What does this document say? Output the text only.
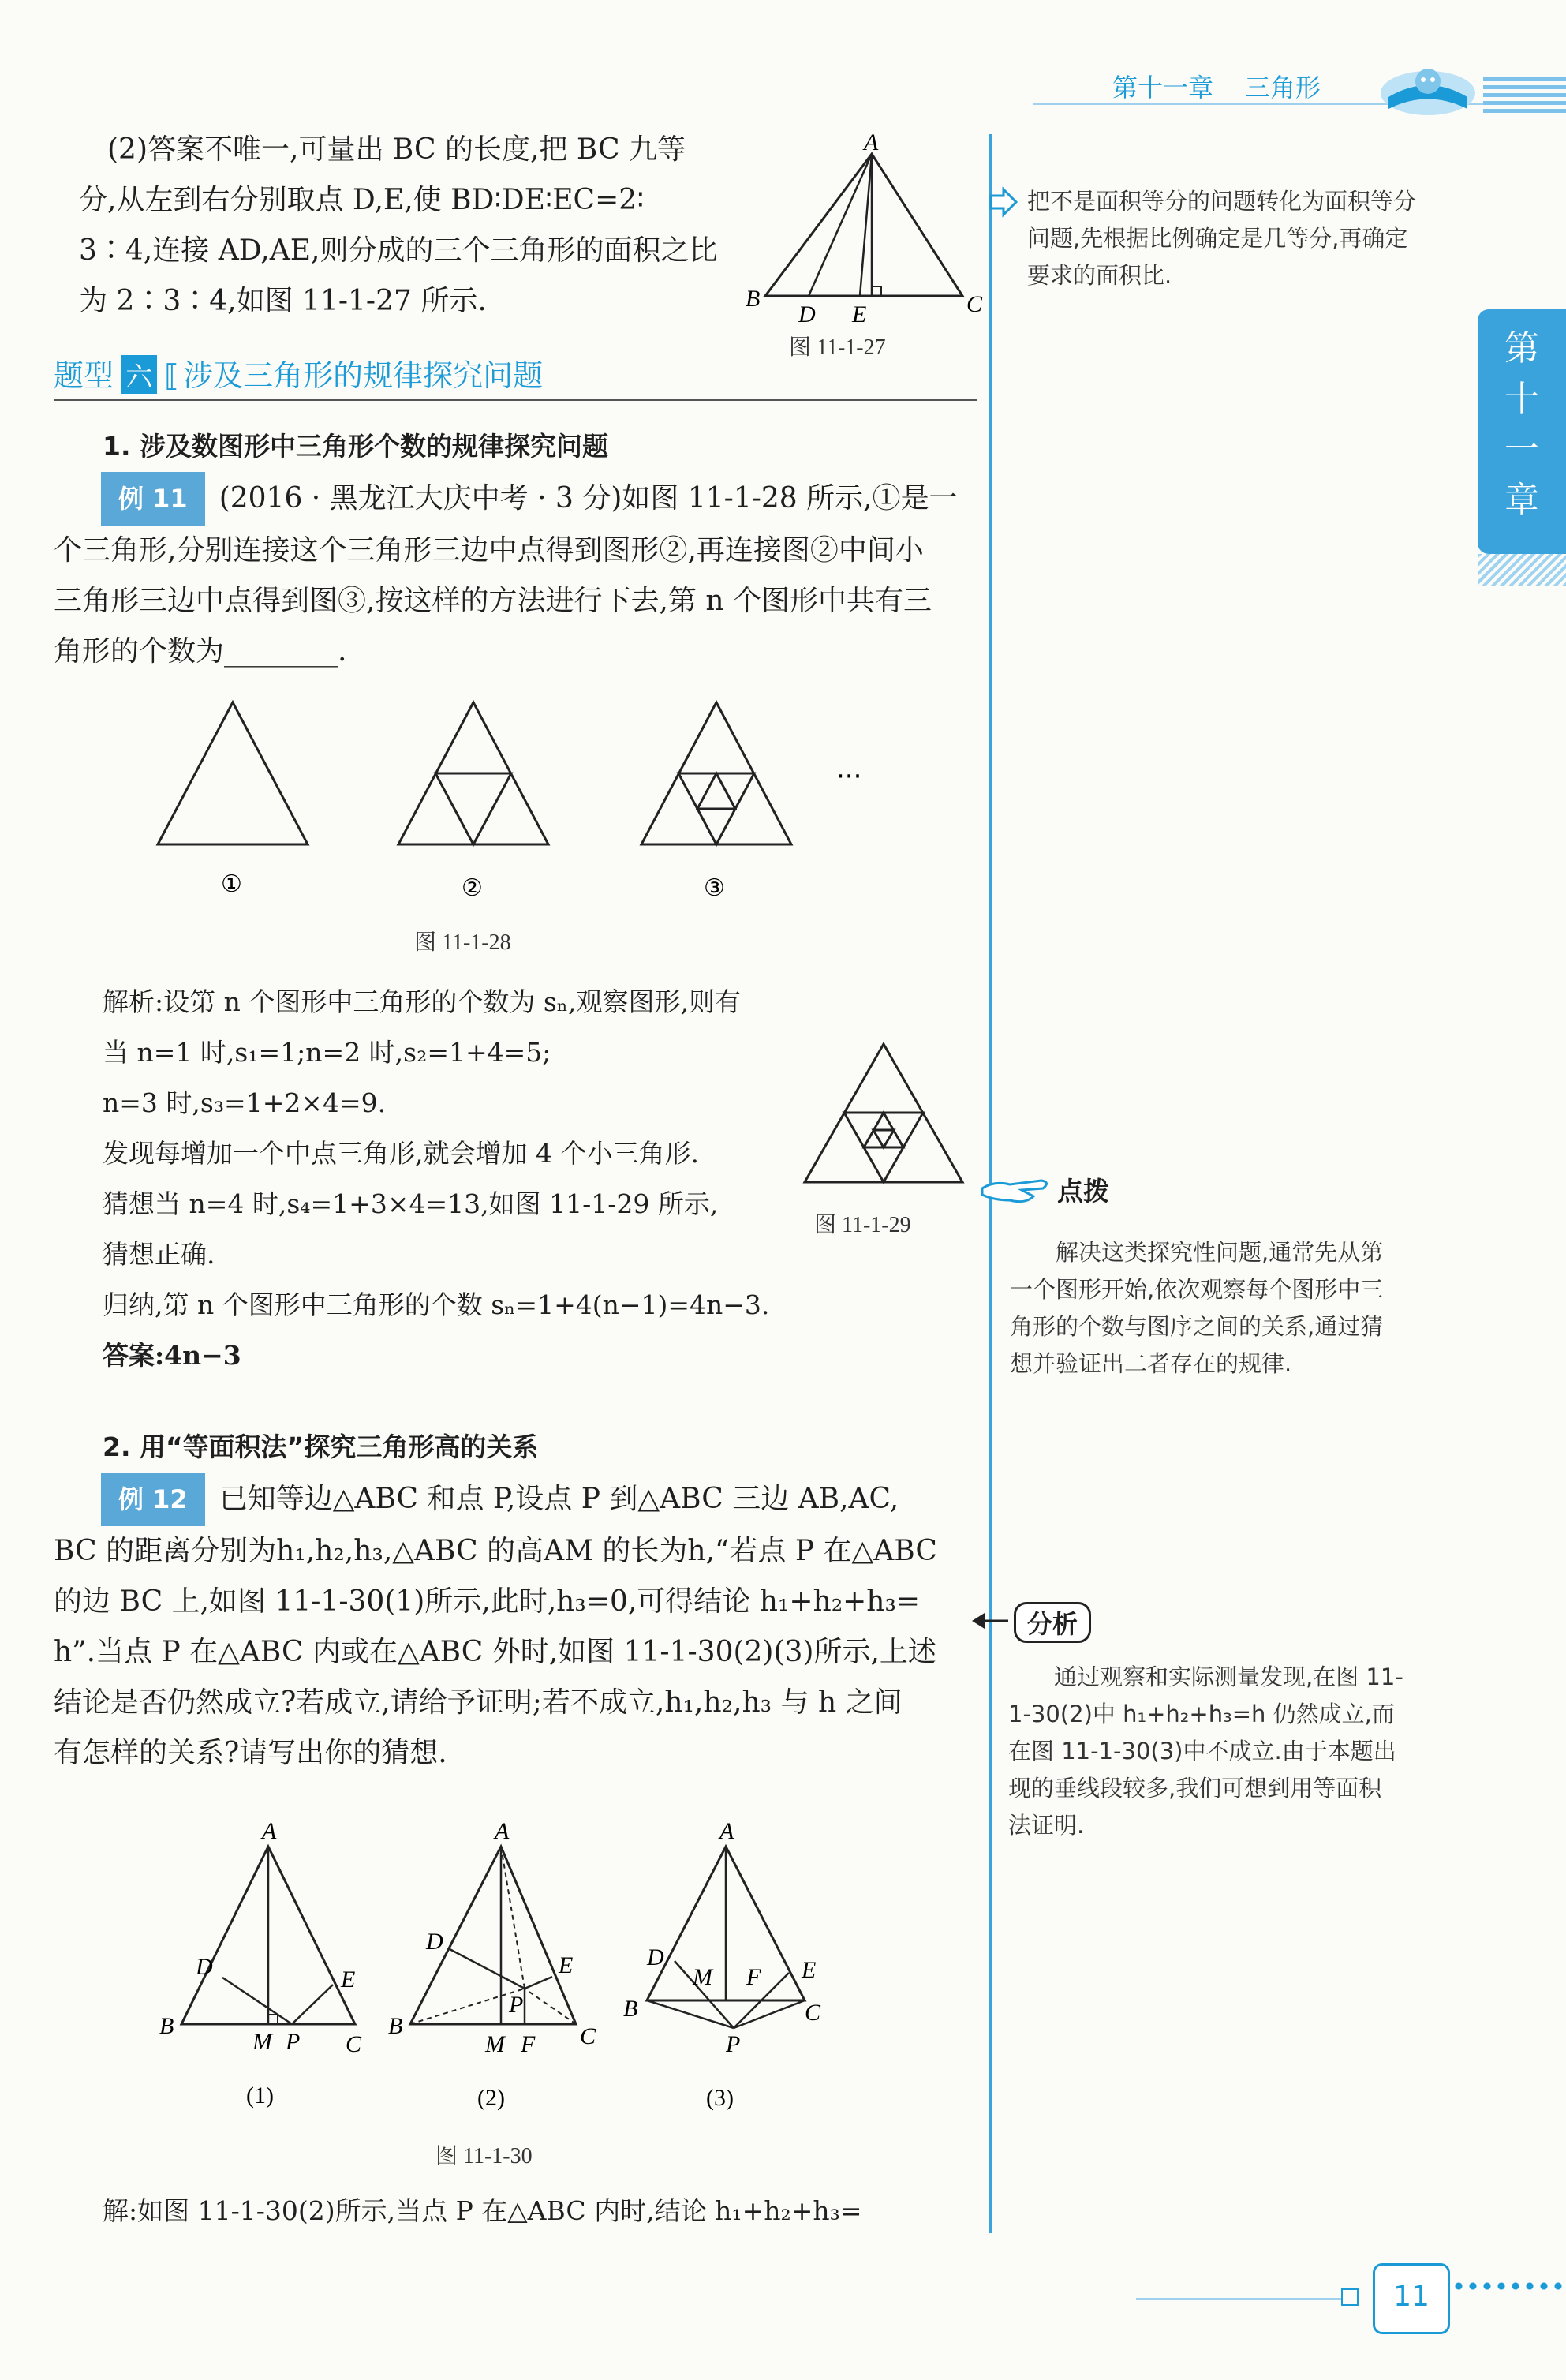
第十一章 三角形
第
十
一
章
(2)答案不唯一,可量出 BC 的长度,把 BC 九等
分,从左到右分别取点 D,E,使 BD∶DE∶EC=2∶
3∶4,连接 AD,AE,则分成的三个三角形的面积之比
为 2∶3∶4,如图 11-1-27 所示.
A
B	C
D E
图 11-1-27
题型 六 ⟦ 涉及三角形的规律探究问题
1. 涉及数图形中三角形个数的规律探究问题
例 11 (2016 · 黑龙江大庆中考 · 3 分)如图 11-1-28 所示,①是一
个三角形,分别连接这个三角形三边中点得到图形②,再连接图②中间小
三角形三边中点得到图③,按这样的方法进行下去,第 n 个图形中共有三
角形的个数为________.
···
①	②	③
图 11-1-28
解析:设第 n 个图形中三角形的个数为 sₙ,观察图形,则有
当 n=1 时,s₁=1;n=2 时,s₂=1+4=5;
n=3 时,s₃=1+2×4=9.
发现每增加一个中点三角形,就会增加 4 个小三角形.
猜想当 n=4 时,s₄=1+3×4=13,如图 11-1-29 所示,
猜想正确.
归纳,第 n 个图形中三角形的个数 sₙ=1+4(n−1)=4n−3.
答案:4n−3
图 11-1-29
2. 用“等面积法”探究三角形高的关系
例 12 已知等边△ABC 和点 P,设点 P 到△ABC 三边 AB,AC,
BC 的距离分别为h₁,h₂,h₃,△ABC 的高AM 的长为h,“若点 P 在△ABC
的边 BC 上,如图 11-1-30(1)所示,此时,h₃=0,可得结论 h₁+h₂+h₃=
h”.当点 P 在△ABC 内或在△ABC 外时,如图 11-1-30(2)(3)所示,上述
结论是否仍然成立?若成立,请给予证明;若不成立,h₁,h₂,h₃ 与 h 之间
有怎样的关系?请写出你的猜想.
A
B
C
D	E
M P
(1)
A
B	C
D
E
M
P
F
(2)
A
B	C
D	E
M F
P
(3)
图 11-1-30
解:如图 11-1-30(2)所示,当点 P 在△ABC 内时,结论 h₁+h₂+h₃=
把不是面积等分的问题转化为面积等分
问题,先根据比例确定是几等分,再确定
要求的面积比.
点拨
解决这类探究性问题,通常先从第
一个图形开始,依次观察每个图形中三
角形的个数与图序之间的关系,通过猜
想并验证出二者存在的规律.
分析
通过观察和实际测量发现,在图 11-
1-30(2)中 h₁+h₂+h₃=h 仍然成立,而
在图 11-1-30(3)中不成立.由于本题出
现的垂线段较多,我们可想到用等面积
法证明.
11
